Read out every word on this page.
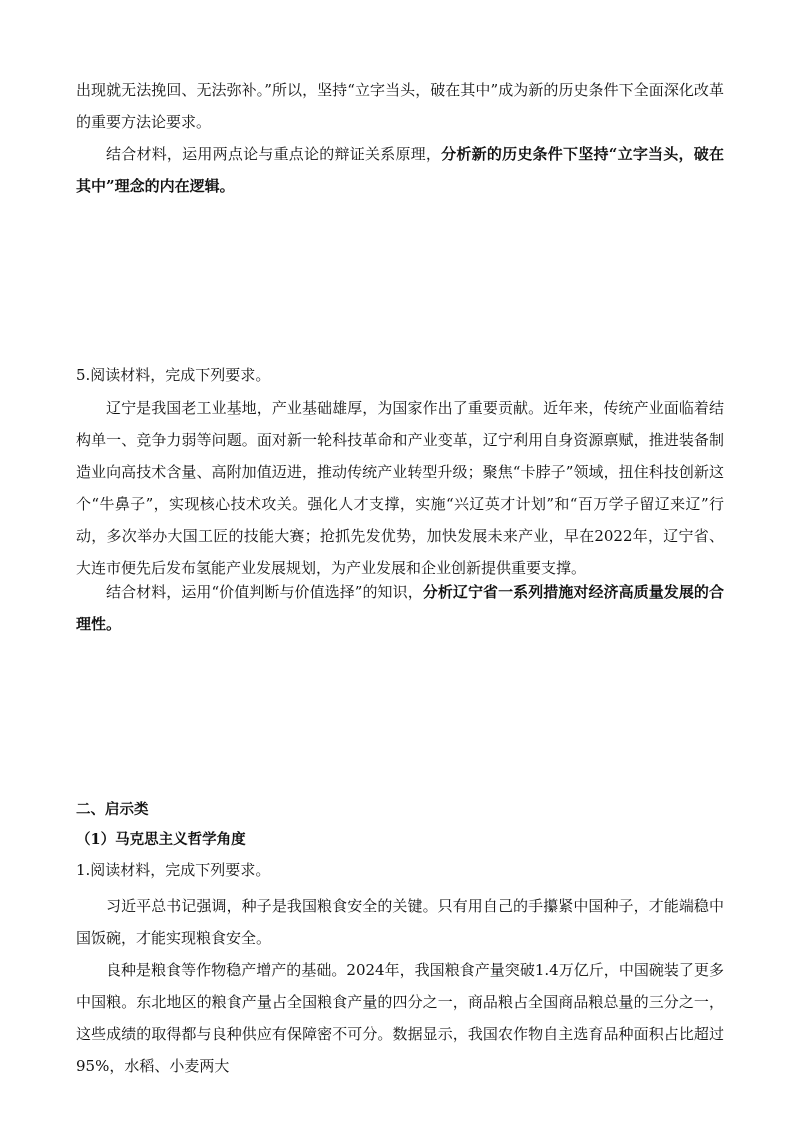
出现就无法挽回、无法弥补。”所以，坚持“立字当头，破在其中”成为新的历史条件下全面深化改革的重要方法论要求。

结合材料，运用两点论与重点论的辩证关系原理，分析新的历史条件下坚持“立字当头，破在其中”理念的内在逻辑。

5.阅读材料，完成下列要求。

辽宁是我国老工业基地，产业基础雄厚，为国家作出了重要贡献。近年来，传统产业面临着结构单一、竞争力弱等问题。面对新一轮科技革命和产业变革，辽宁利用自身资源禀赋，推进装备制造业向高技术含量、高附加值迈进，推动传统产业转型升级；聚焦“卡脖子”领域，扭住科技创新这个“牛鼻子”，实现核心技术攻关。强化人才支撑，实施“兴辽英才计划”和“百万学子留辽来辽”行动，多次举办大国工匠的技能大赛；抢抓先发优势，加快发展未来产业，早在2022年，辽宁省、大连市便先后发布氢能产业发展规划，为产业发展和企业创新提供重要支撑。

结合材料，运用“价值判断与价值选择”的知识，分析辽宁省一系列措施对经济高质量发展的合理性。

二、启示类

（1）马克思主义哲学角度

1.阅读材料，完成下列要求。

习近平总书记强调，种子是我国粮食安全的关键。只有用自己的手攥紧中国种子，才能端稳中国饭碗，才能实现粮食安全。

良种是粮食等作物稳产增产的基础。2024年，我国粮食产量突破1.4万亿斤，中国碗装了更多中国粮。东北地区的粮食产量占全国粮食产量的四分之一，商品粮占全国商品粮总量的三分之一，这些成绩的取得都与良种供应有保障密不可分。数据显示，我国农作物自主选育品种面积占比超过95%，水稻、小麦两大
